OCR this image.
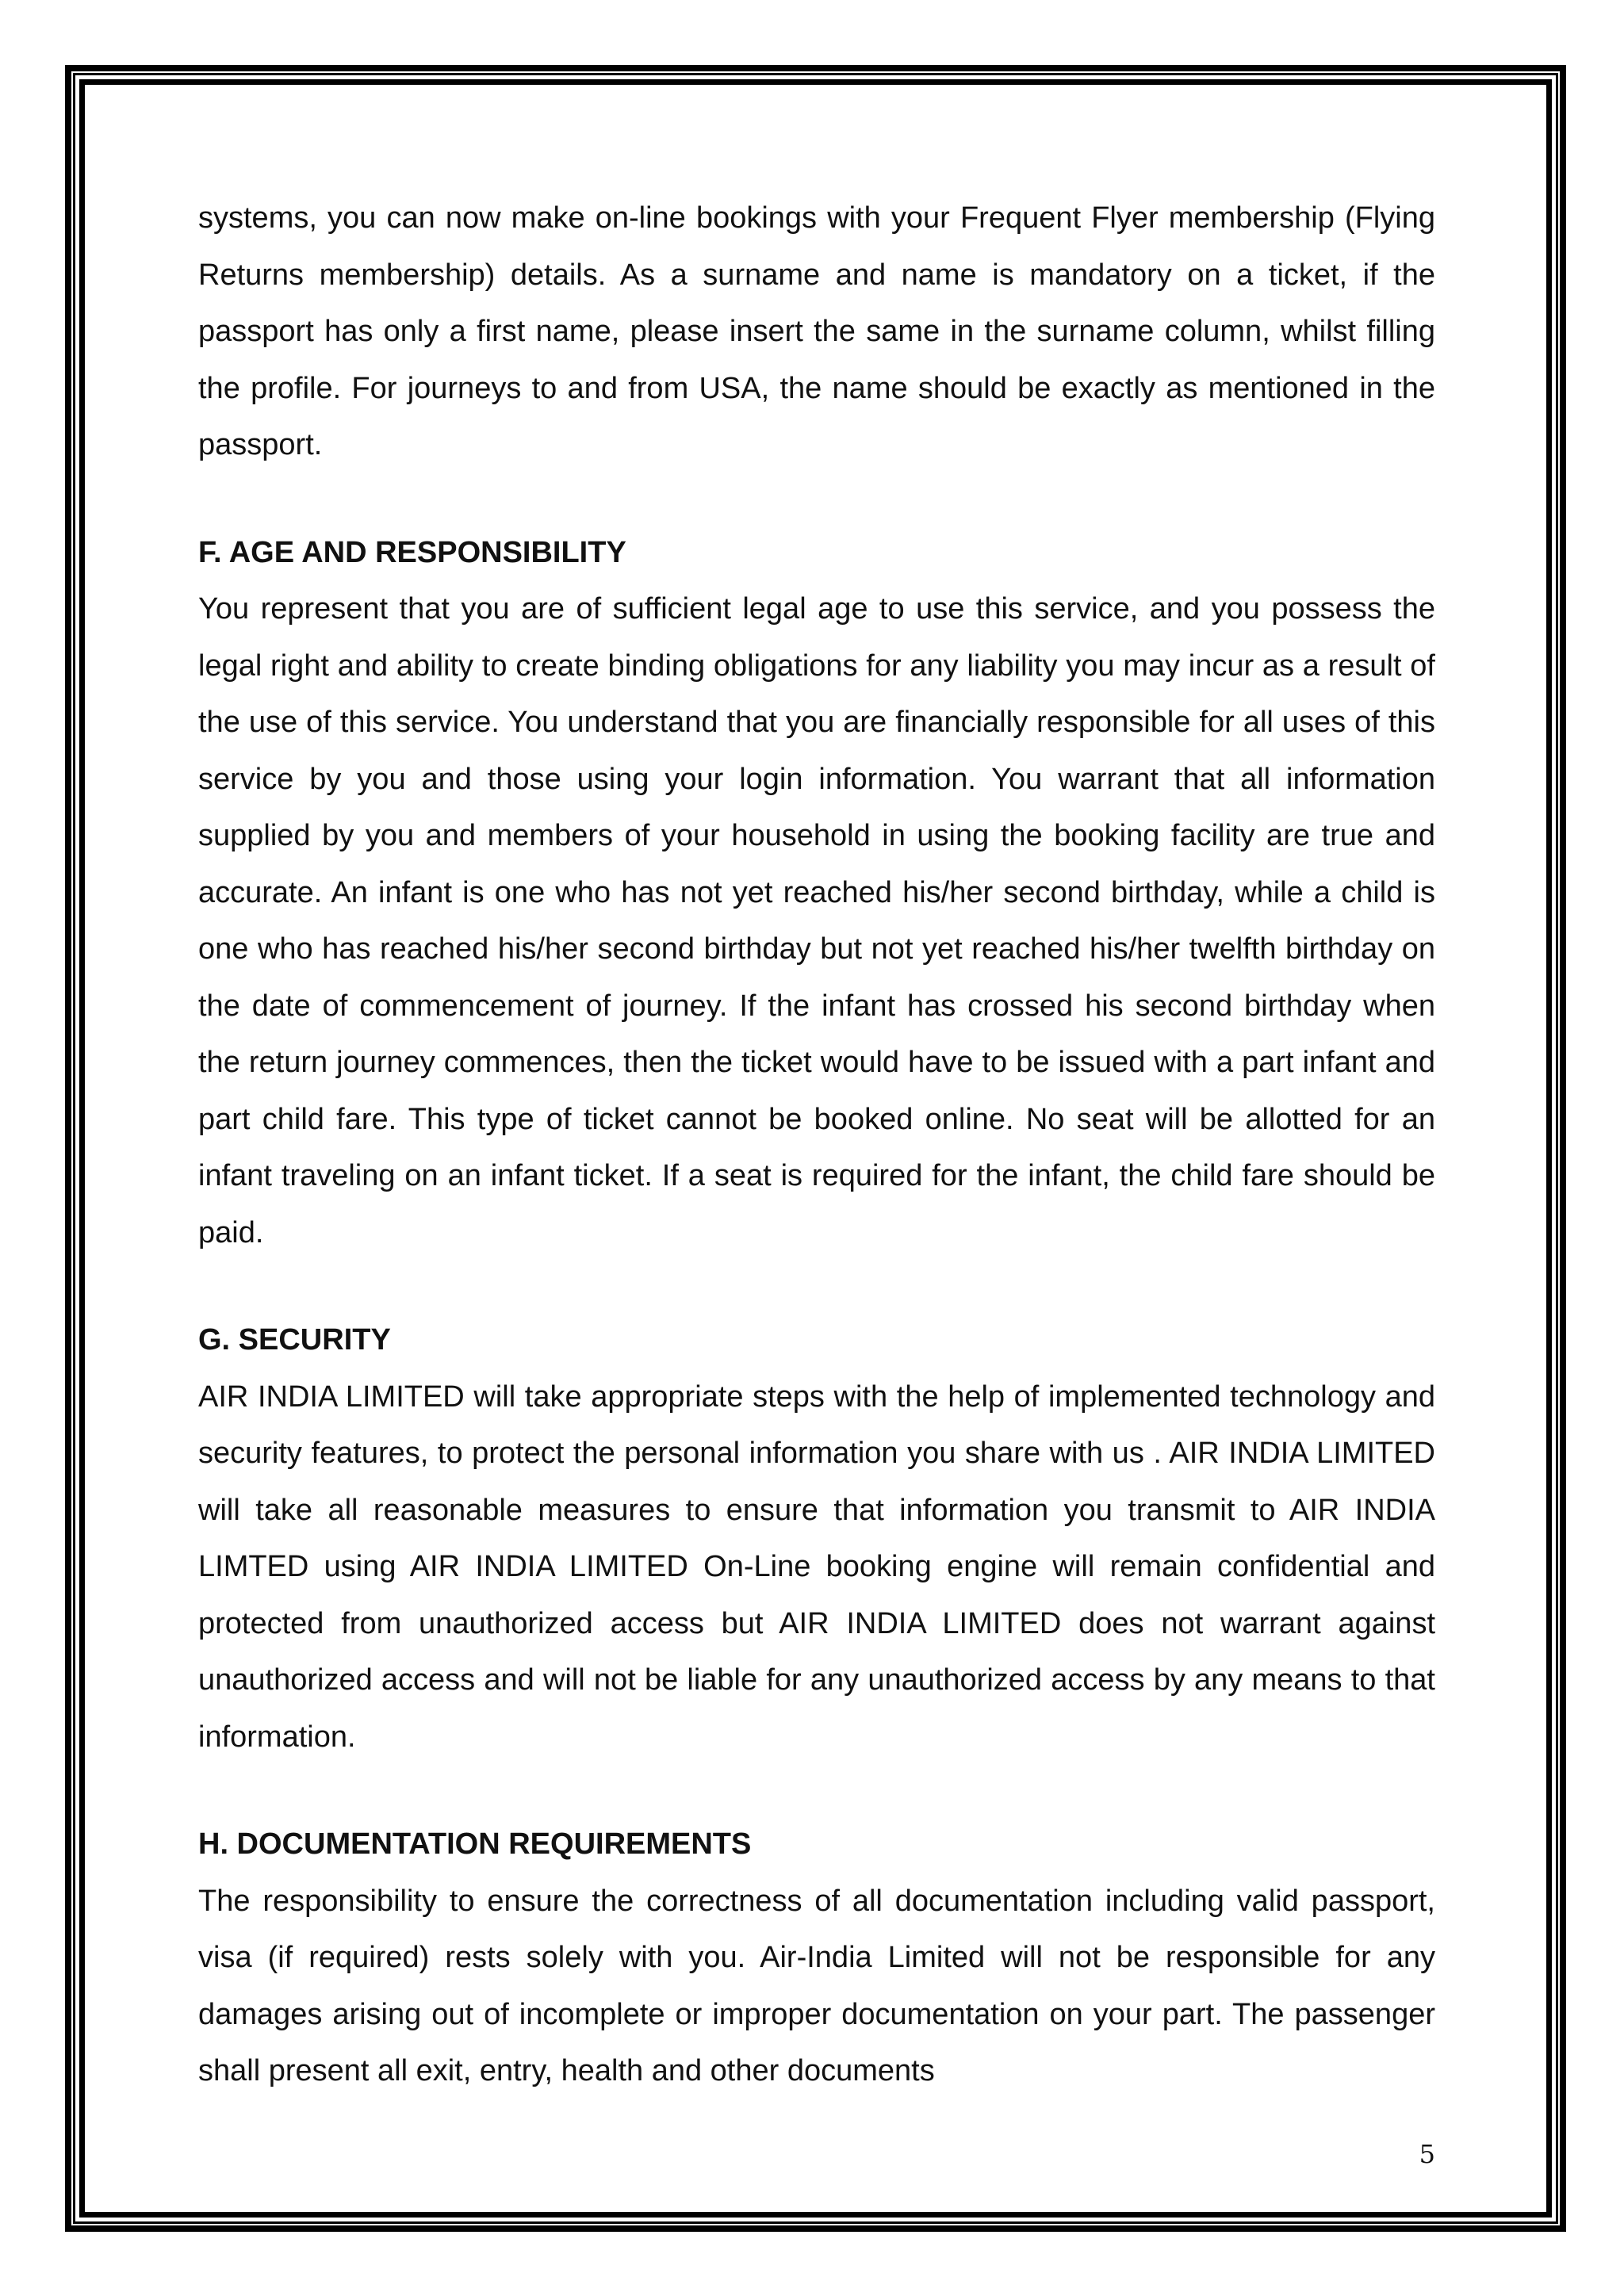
systems, you can now make on-line bookings with your Frequent Flyer membership (Flying Returns membership) details. As a surname and name is mandatory on a ticket, if the passport has only a first name, please insert the same in the surname column, whilst filling the profile. For journeys to and from USA, the name should be exactly as mentioned in the passport.

F. AGE AND RESPONSIBILITY

You represent that you are of sufficient legal age to use this service, and you possess the legal right and ability to create binding obligations for any liability you may incur as a result of the use of this service. You understand that you are financially responsible for all uses of this service by you and those using your login information. You warrant that all information supplied by you and members of your household in using the booking facility are true and accurate. An infant is one who has not yet reached his/her second birthday, while a child is one who has reached his/her second birthday but not yet reached his/her twelfth birthday on the date of commencement of journey. If the infant has crossed his second birthday when the return journey commences, then the ticket would have to be issued with a part infant and part child fare. This type of ticket cannot be booked online. No seat will be allotted for an infant traveling on an infant ticket. If a seat is required for the infant, the child fare should be paid.

G. SECURITY

AIR INDIA LIMITED will take appropriate steps with the help of implemented technology and security features, to protect the personal information you share with us . AIR INDIA LIMITED will take all reasonable measures to ensure that information you transmit to AIR INDIA LIMTED using AIR INDIA LIMITED On-Line booking engine will remain confidential and protected from unauthorized access but AIR INDIA LIMITED does not warrant against unauthorized access and will not be liable for any unauthorized access by any means to that information.

H. DOCUMENTATION REQUIREMENTS

The responsibility to ensure the correctness of all documentation including valid passport, visa (if required) rests solely with you. Air-India Limited will not be responsible for any damages arising out of incomplete or improper documentation on your part. The passenger shall present all exit, entry, health and other documents

5
